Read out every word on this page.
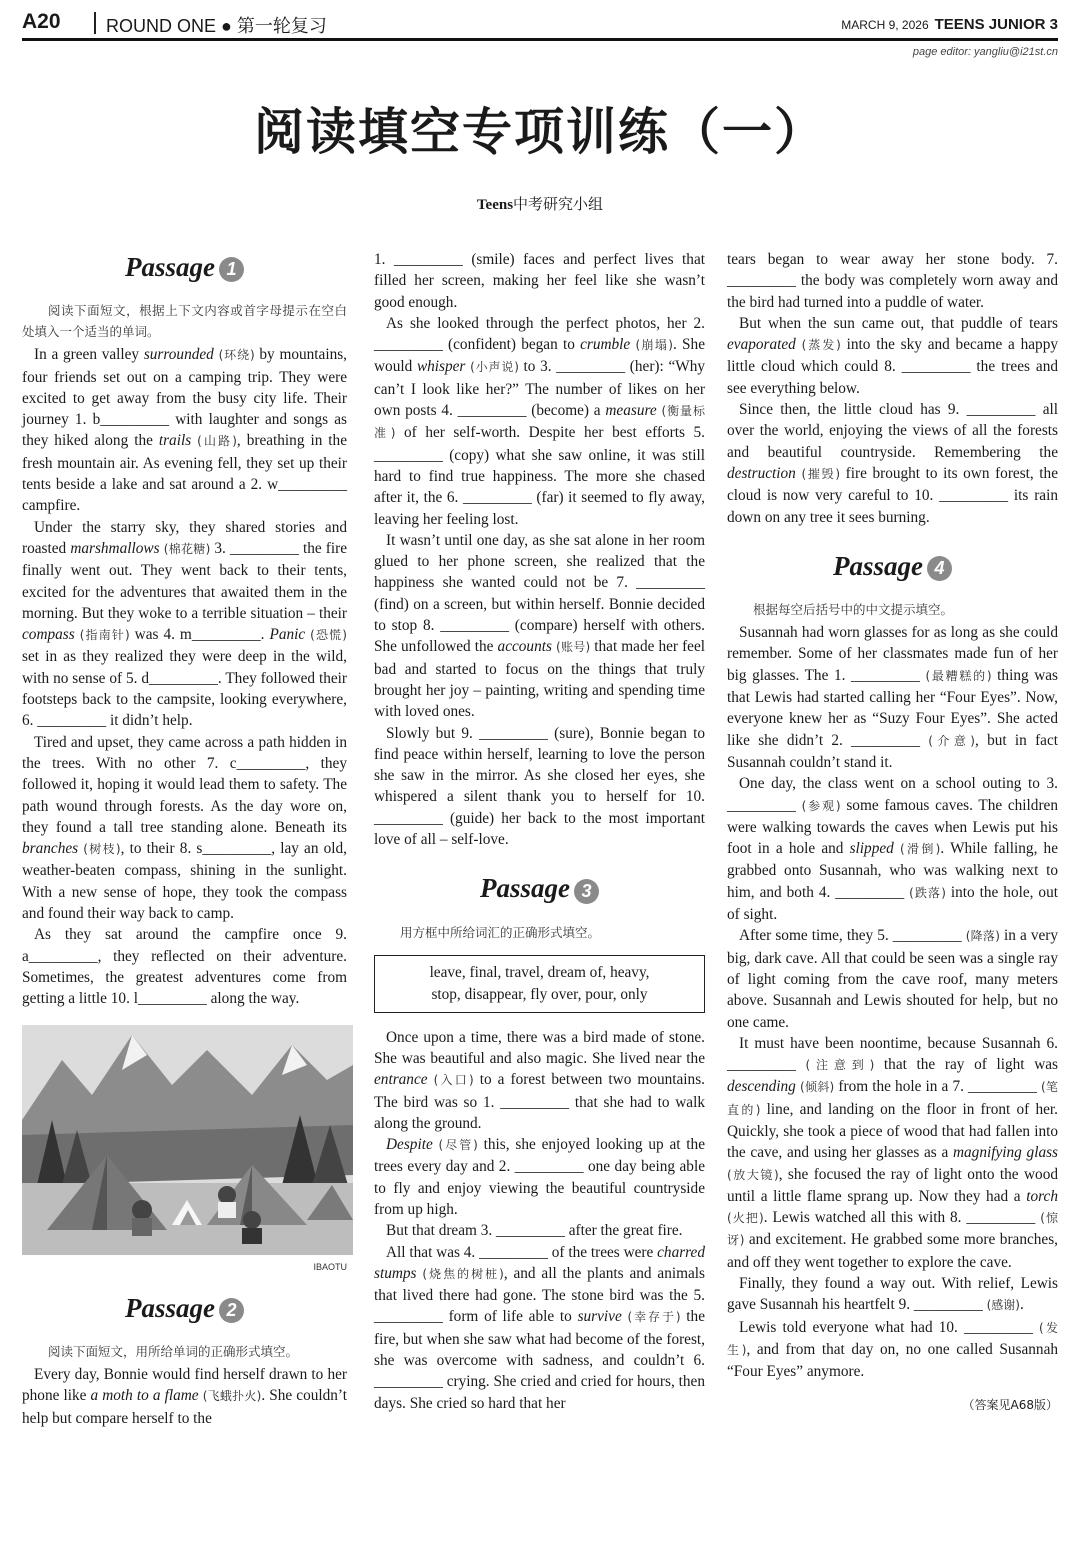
A20	ROUND ONE ● 第一轮复习	MARCH 9, 2026 TEENS JUNIOR 3
page editor: yangliu@i21st.cn
阅读填空专项训练（一）
Teens中考研究小组
Passage 1

阅读下面短文，根据上下文内容或首字母提示在空白处填入一个适当的单词。

In a green valley surrounded (环绕) by mountains, four friends set out on a camping trip. They were excited to get away from the busy city life. Their journey 1. b_________ with laughter and songs as they hiked along the trails (山路), breathing in the fresh mountain air. As evening fell, they set up their tents beside a lake and sat around a 2. w_________ campfire.

Under the starry sky, they shared stories and roasted marshmallows (棉花糖) 3. _________ the fire finally went out. They went back to their tents, excited for the adventures that awaited them in the morning. But they woke to a terrible situation – their compass (指南针) was 4. m_________. Panic (恐慌) set in as they realized they were deep in the wild, with no sense of 5. d_________. They followed their footsteps back to the campsite, looking everywhere, 6. _________ it didn’t help.

Tired and upset, they came across a path hidden in the trees. With no other 7. c_________, they followed it, hoping it would lead them to safety. The path wound through forests. As the day wore on, they found a tall tree standing alone. Beneath its branches (树枝), to their 8. s_________, lay an old, weather-beaten compass, shining in the sunlight. With a new sense of hope, they took the compass and found their way back to camp.

As they sat around the campfire once 9. a_________, they reflected on their adventure. Sometimes, the greatest adventures come from getting a little 10. l_________ along the way.

IBAOTU
Passage 2

阅读下面短文，用所给单词的正确形式填空。

Every day, Bonnie would find herself drawn to her phone like a moth to a flame (飞蛾扑火). She couldn’t help but compare herself to the

1. _________ (smile) faces and perfect lives that filled her screen, making her feel like she wasn’t good enough.

As she looked through the perfect photos, her 2. _________ (confident) began to crumble (崩塌). She would whisper (小声说) to 3. _________ (her): “Why can’t I look like her?” The number of likes on her own posts 4. _________ (become) a measure (衡量标准) of her self-worth. Despite her best efforts 5. _________ (copy) what she saw online, it was still hard to find true happiness. The more she chased after it, the 6. _________ (far) it seemed to fly away, leaving her feeling lost.

It wasn’t until one day, as she sat alone in her room glued to her phone screen, she realized that the happiness she wanted could not be 7. _________ (find) on a screen, but within herself. Bonnie decided to stop 8. _________ (compare) herself with others. She unfollowed the accounts (账号) that made her feel bad and started to focus on the things that truly brought her joy – painting, writing and spending time with loved ones.

Slowly but 9. _________ (sure), Bonnie began to find peace within herself, learning to love the person she saw in the mirror. As she closed her eyes, she whispered a silent thank you to herself for 10. _________ (guide) her back to the most important love of all – self-love.

Passage 3

用方框中所给词汇的正确形式填空。

leave, final, travel, dream of, heavy,
stop, disappear, fly over, pour, only

Once upon a time, there was a bird made of stone. She was beautiful and also magic. She lived near the entrance (入口) to a forest between two mountains. The bird was so 1. _________ that she had to walk along the ground.

Despite (尽管) this, she enjoyed looking up at the trees every day and 2. _________ one day being able to fly and enjoy viewing the beautiful countryside from up high.

But that dream 3. _________ after the great fire.

All that was 4. _________ of the trees were charred stumps (烧焦的树桩), and all the plants and animals that lived there had gone. The stone bird was the 5. _________ form of life able to survive (幸存于) the fire, but when she saw what had become of the forest, she was overcome with sadness, and couldn’t 6. _________ crying. She cried and cried for hours, then days. She cried so hard that her

tears began to wear away her stone body. 7. _________ the body was completely worn away and the bird had turned into a puddle of water.

But when the sun came out, that puddle of tears evaporated (蒸发) into the sky and became a happy little cloud which could 8. _________ the trees and see everything below.

Since then, the little cloud has 9. _________ all over the world, enjoying the views of all the forests and beautiful countryside. Remembering the destruction (摧毁) fire brought to its own forest, the cloud is now very careful to 10. _________ its rain down on any tree it sees burning.

Passage 4

根据每空后括号中的中文提示填空。

Susannah had worn glasses for as long as she could remember. Some of her classmates made fun of her big glasses. The 1. _________ (最糟糕的) thing was that Lewis had started calling her “Four Eyes”. Now, everyone knew her as “Suzy Four Eyes”. She acted like she didn’t 2. _________ (介意), but in fact Susannah couldn’t stand it.

One day, the class went on a school outing to 3. _________ (参观) some famous caves. The children were walking towards the caves when Lewis put his foot in a hole and slipped (滑倒). While falling, he grabbed onto Susannah, who was walking next to him, and both 4. _________ (跌落) into the hole, out of sight.

After some time, they 5. _________ (降落) in a very big, dark cave. All that could be seen was a single ray of light coming from the cave roof, many meters above. Susannah and Lewis shouted for help, but no one came.

It must have been noontime, because Susannah 6. _________ (注意到) that the ray of light was descending (倾斜) from the hole in a 7. _________ (笔直的) line, and landing on the floor in front of her. Quickly, she took a piece of wood that had fallen into the cave, and using her glasses as a magnifying glass (放大镜), she focused the ray of light onto the wood until a little flame sprang up. Now they had a torch (火把). Lewis watched all this with 8. _________ (惊讶) and excitement. He grabbed some more branches, and off they went together to explore the cave.

Finally, they found a way out. With relief, Lewis gave Susannah his heartfelt 9. _________ (感谢).

Lewis told everyone what had 10. _________ (发生), and from that day on, no one called Susannah “Four Eyes” anymore.

（答案见A68版）
